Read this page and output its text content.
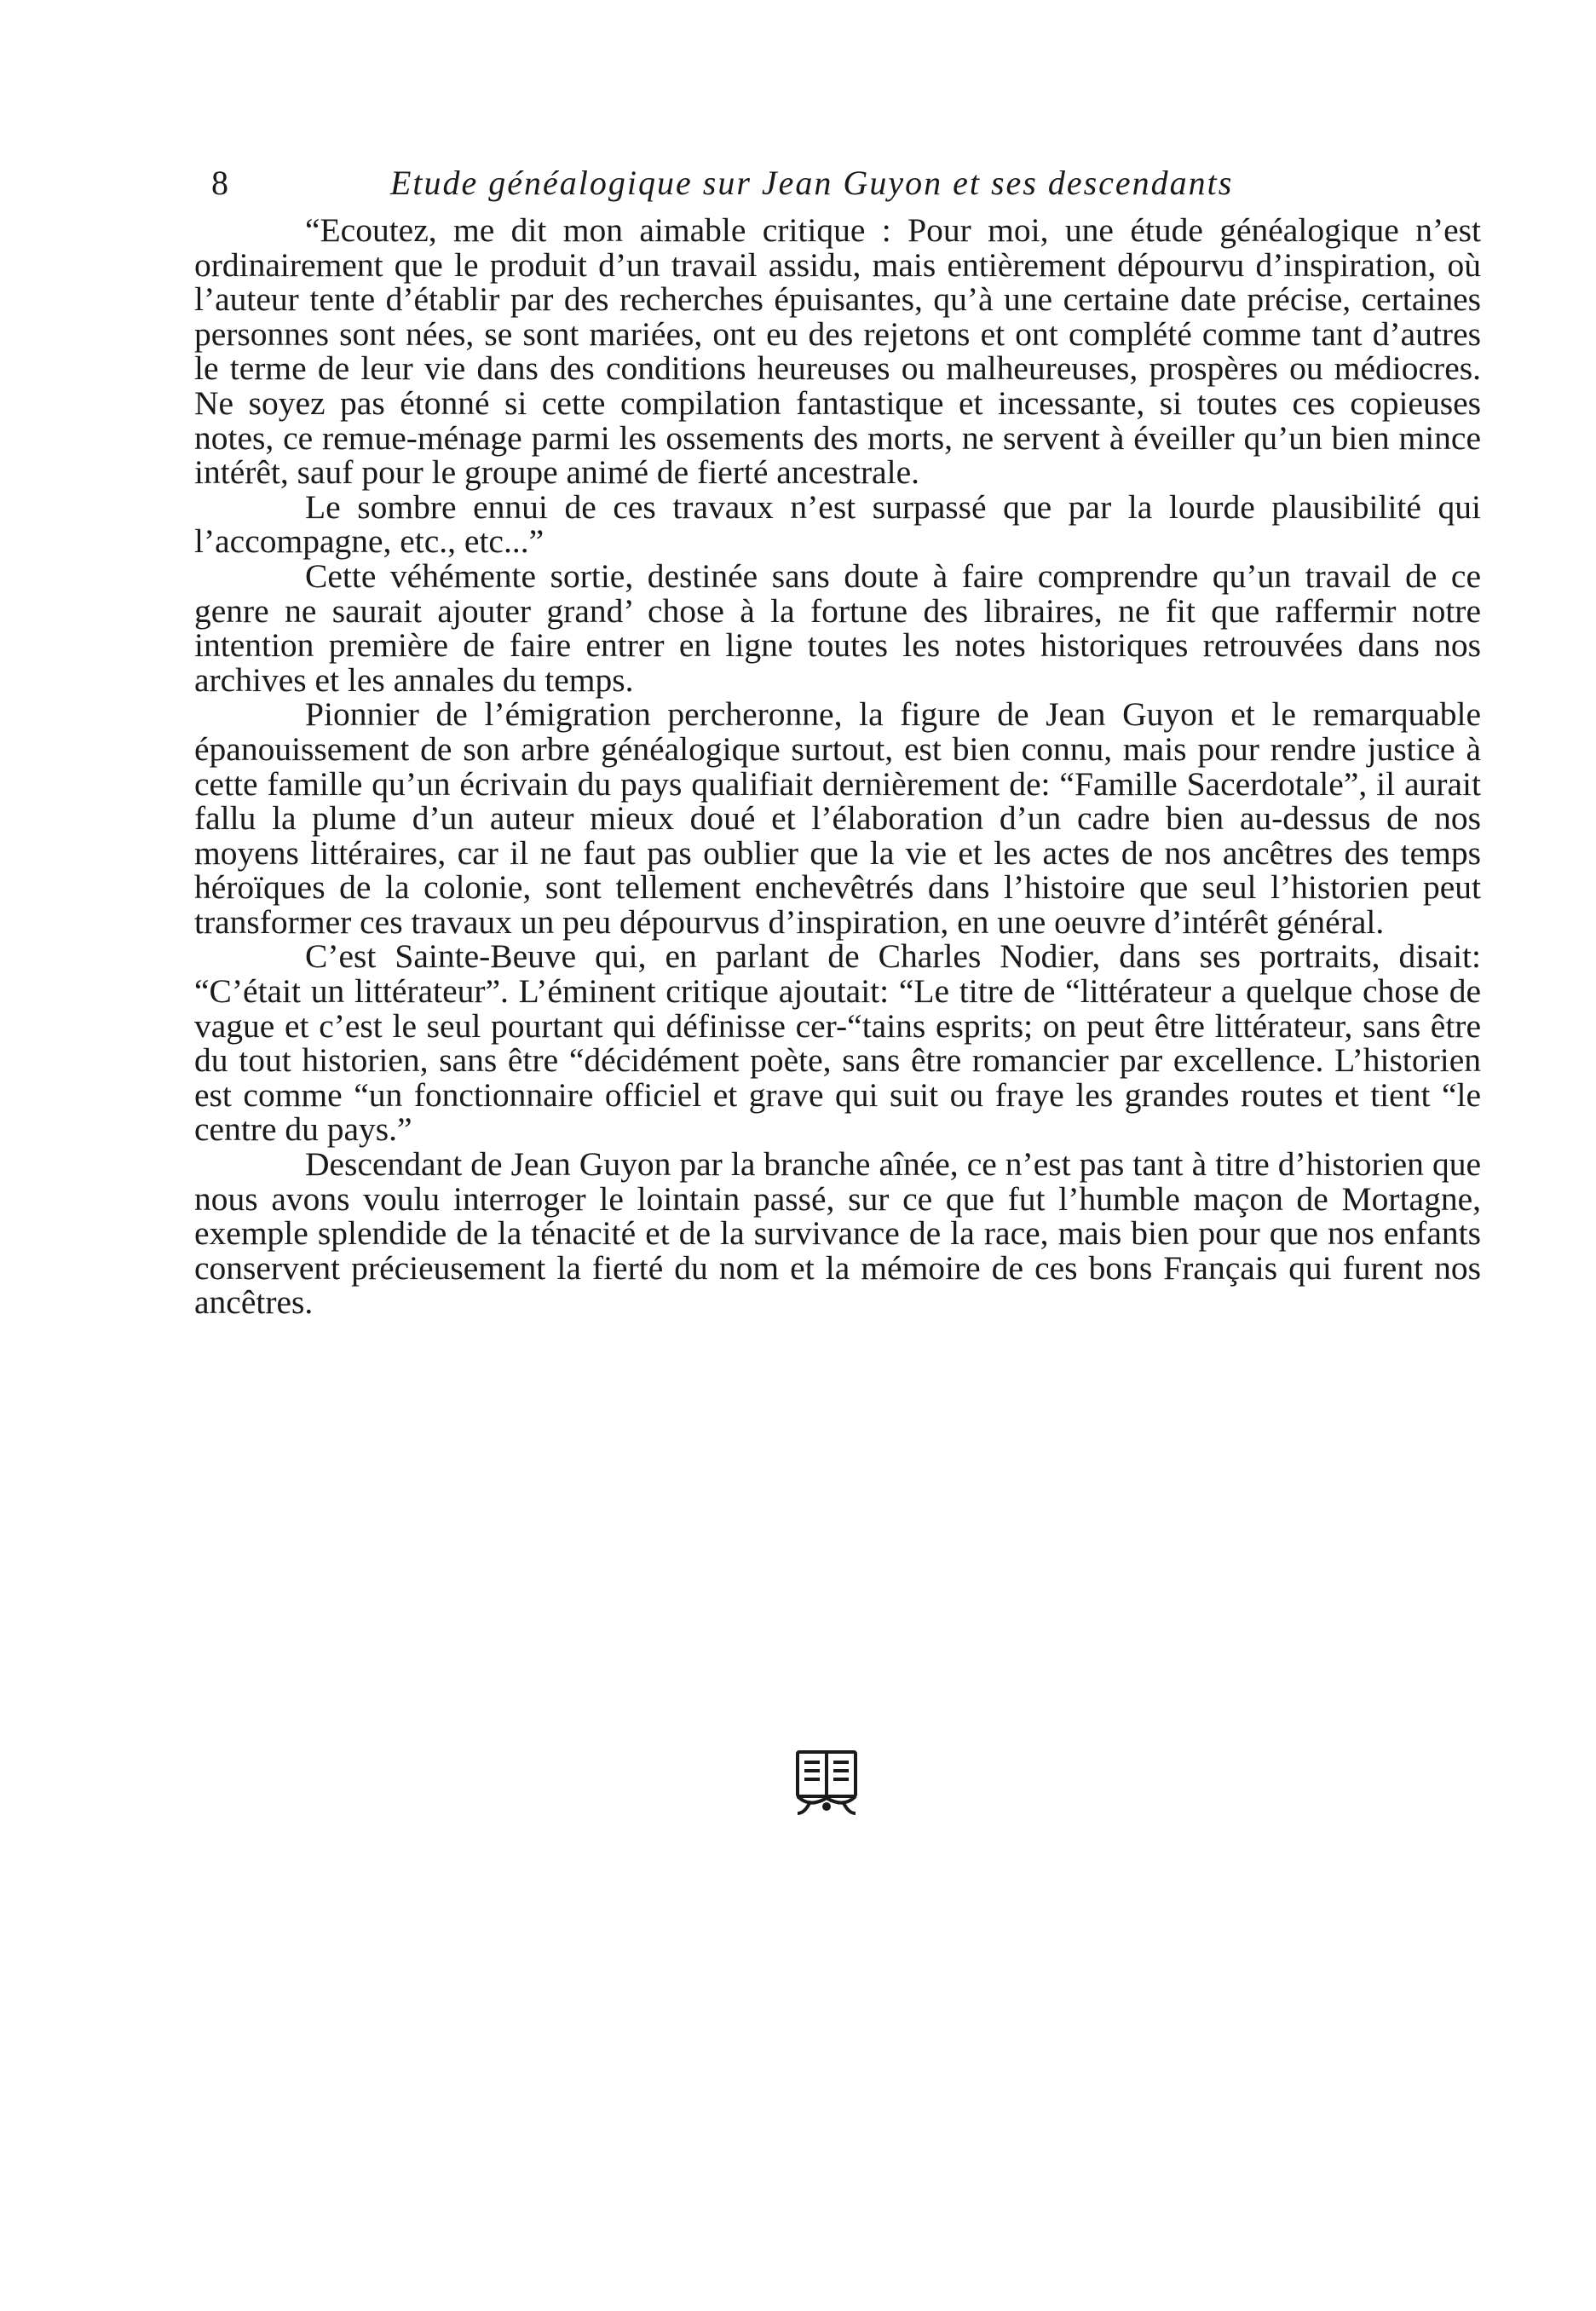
8	Etude généalogique sur Jean Guyon et ses descendants

“Ecoutez, me dit mon aimable critique : Pour moi, une étude généalogique n’est ordinairement que le produit d’un travail assidu, mais entièrement dépourvu d’inspiration, où l’auteur tente d’établir par des recherches épuisantes, qu’à une certaine date précise, certaines personnes sont nées, se sont mariées, ont eu des rejetons et ont complété comme tant d’autres le terme de leur vie dans des conditions heureuses ou malheureuses, prospères ou médiocres. Ne soyez pas étonné si cette compilation fantastique et incessante, si toutes ces copieuses notes, ce remue-ménage parmi les ossements des morts, ne servent à éveiller qu’un bien mince intérêt, sauf pour le groupe animé de fierté ancestrale.

Le sombre ennui de ces travaux n’est surpassé que par la lourde plausibilité qui l’accompagne, etc., etc...”

Cette véhémente sortie, destinée sans doute à faire comprendre qu’un travail de ce genre ne saurait ajouter grand’ chose à la fortune des libraires, ne fit que raffermir notre intention première de faire entrer en ligne toutes les notes historiques retrouvées dans nos archives et les annales du temps.

Pionnier de l’émigration percheronne, la figure de Jean Guyon et le remarquable épanouissement de son arbre généalogique surtout, est bien connu, mais pour rendre justice à cette famille qu’un écrivain du pays qualifiait dernièrement de: “Famille Sacerdotale”, il aurait fallu la plume d’un auteur mieux doué et l’élaboration d’un cadre bien au-dessus de nos moyens littéraires, car il ne faut pas oublier que la vie et les actes de nos ancêtres des temps héroïques de la colonie, sont tellement enchevêtrés dans l’histoire que seul l’historien peut transformer ces travaux un peu dépourvus d’inspiration, en une oeuvre d’intérêt général.

C’est Sainte-Beuve qui, en parlant de Charles Nodier, dans ses portraits, disait: “C’était un littérateur”. L’éminent critique ajoutait: “Le titre de “littérateur a quelque chose de vague et c’est le seul pourtant qui définisse cer-“tains esprits; on peut être littérateur, sans être du tout historien, sans être “décidément poète, sans être romancier par excellence. L’historien est comme “un fonctionnaire officiel et grave qui suit ou fraye les grandes routes et tient “le centre du pays.”

Descendant de Jean Guyon par la branche aînée, ce n’est pas tant à titre d’historien que nous avons voulu interroger le lointain passé, sur ce que fut l’humble maçon de Mortagne, exemple splendide de la ténacité et de la survivance de la race, mais bien pour que nos enfants conservent précieusement la fierté du nom et la mémoire de ces bons Français qui furent nos ancêtres.
